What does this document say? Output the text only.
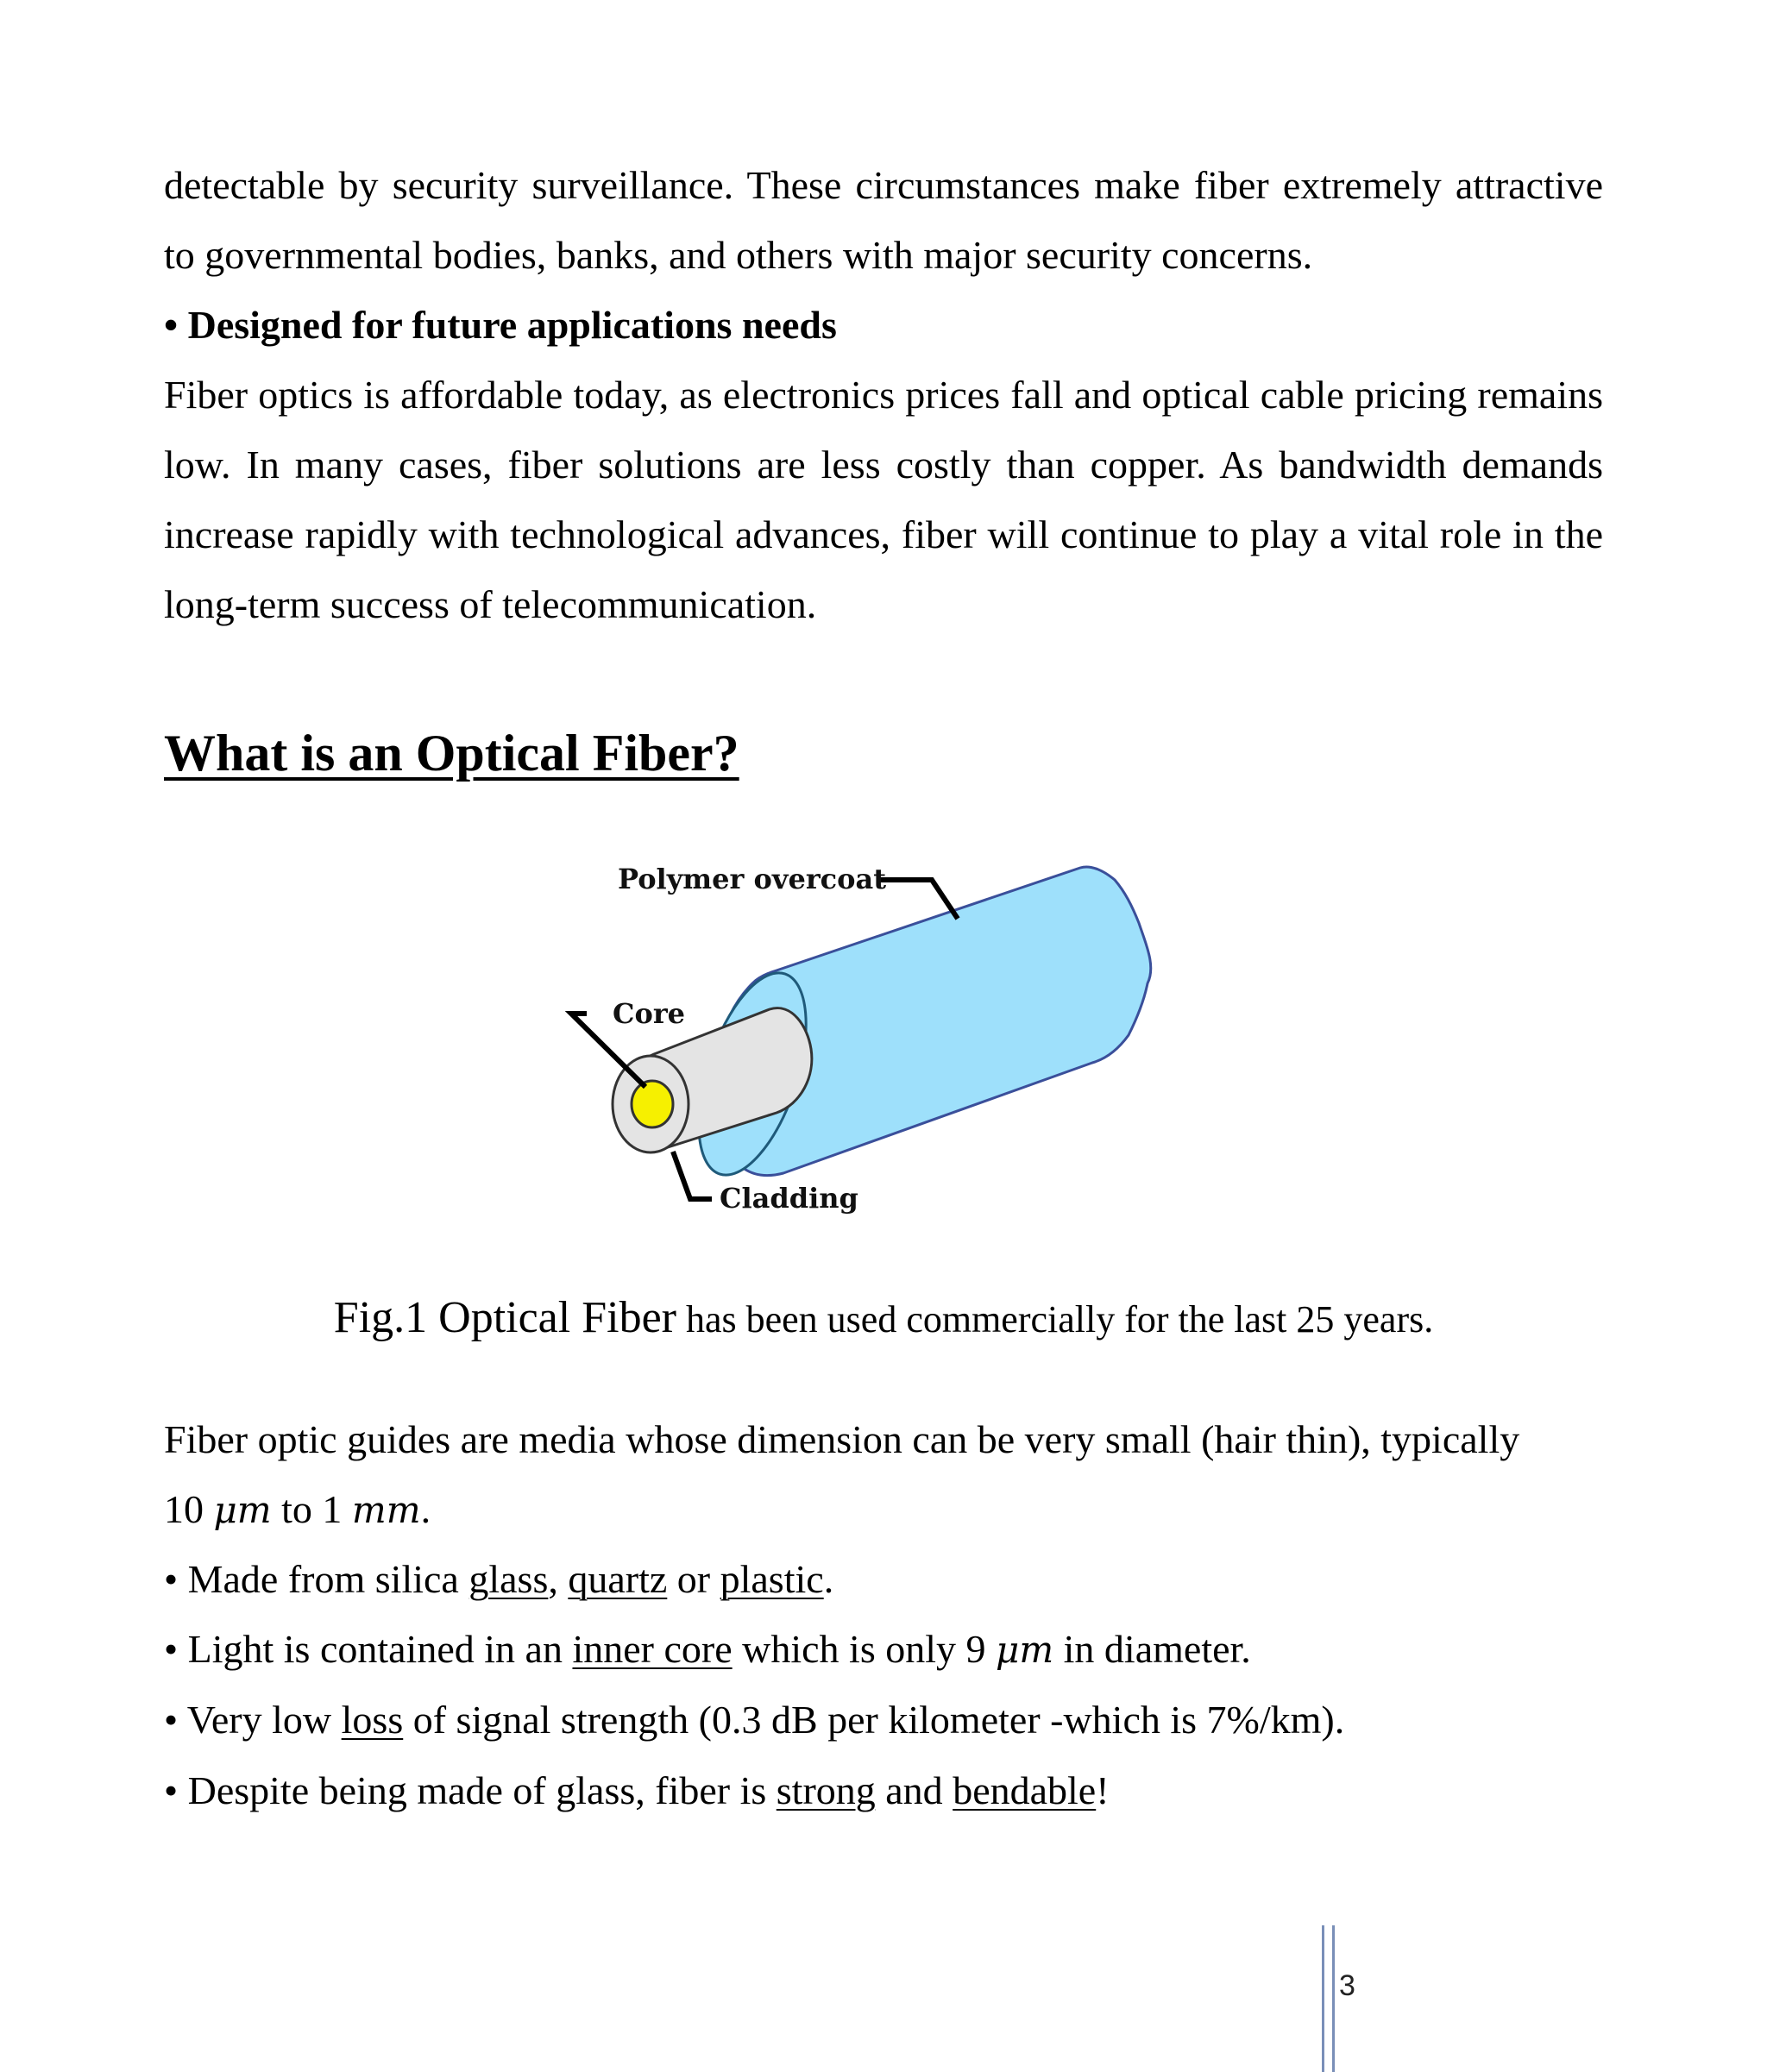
detectable by security surveillance. These circumstances make fiber extremely attractive to governmental bodies, banks, and others with major security concerns.

• Designed for future applications needs

Fiber optics is affordable today, as electronics prices fall and optical cable pricing remains low. In many cases, fiber solutions are less costly than copper. As bandwidth demands increase rapidly with technological advances, fiber will continue to play a vital role in the long-term success of telecommunication.

What is an Optical Fiber?
Polymer overcoat
Core
Cladding
Fig.1 Optical Fiber has been used commercially for the last 25 years.

Fiber optic guides are media whose dimension can be very small (hair thin), typically
10 μm to 1 mm.

• Made from silica glass, quartz or plastic.

• Light is contained in an inner core which is only 9 μm in diameter.

• Very low loss of signal strength (0.3 dB per kilometer -which is 7%/km).

• Despite being made of glass, fiber is strong and bendable!

3
